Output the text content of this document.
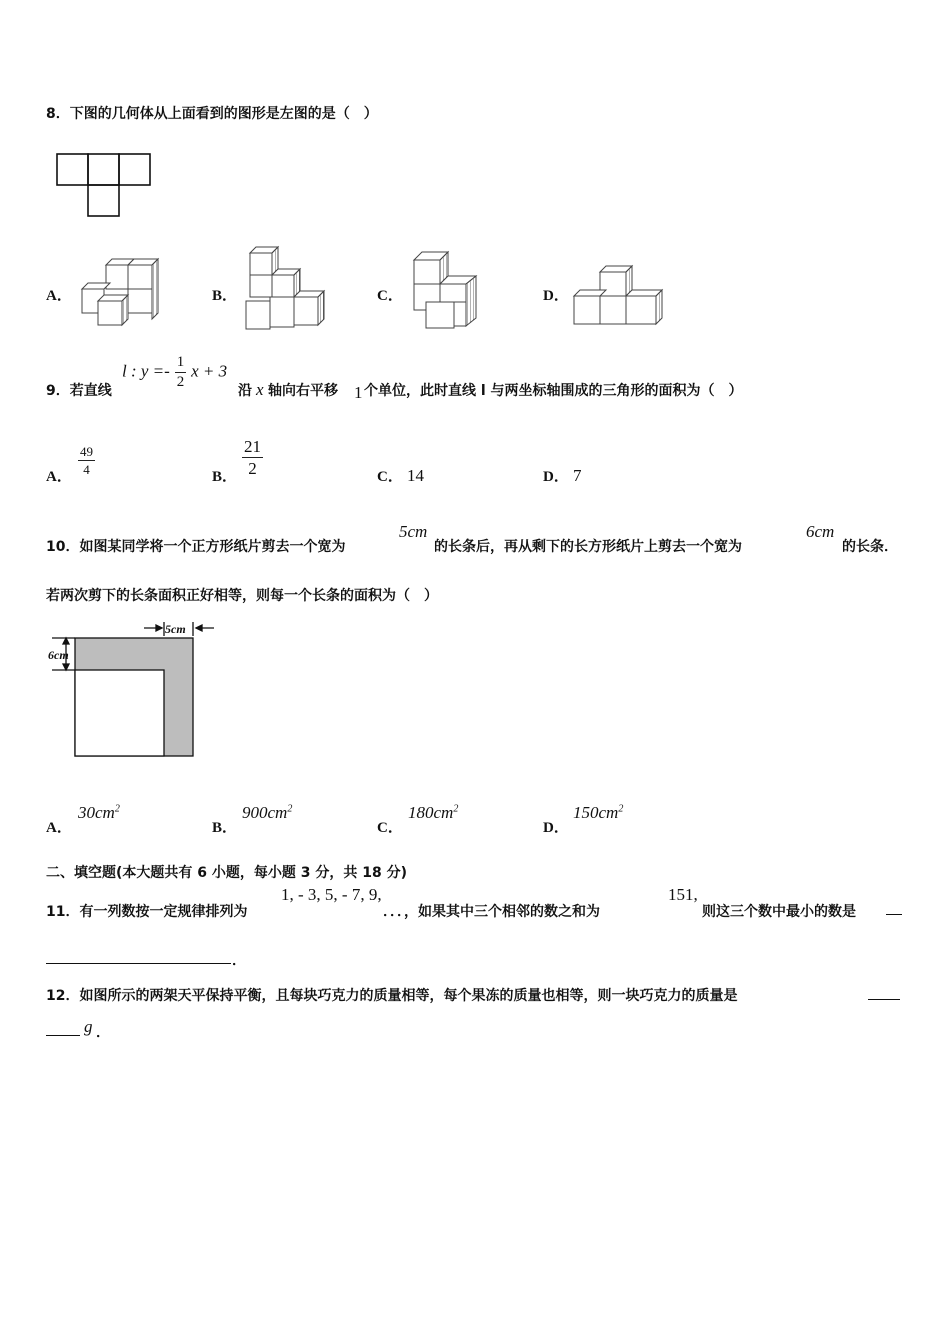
8．下图的几何体从上面看到的图形是左图的是（　）
A．	B．	C．	D．
9．若直线
l : $y =- \frac{1}{2}$ x + 3
沿 x 轴向右平移 1 个单位，此时直线 l 与两坐标轴围成的三角形的面积为（　）
A．
$\frac{49}{4}$
B． $\frac{21}{2}$	C． 14	D． 7
10．如图某同学将一个正方形纸片剪去一个宽为
5cm
的长条后，再从剩下的长方形纸片上剪去一个宽为
6cm
的长条．
若两次剪下的长条面积正好相等，则每一个长条的面积为（　）
5cm
6cm
A．
$30cm^2$
B．
$900cm^2$
C．
$180cm^2$
D．
$150cm^2$
二、填空题(本大题共有 6 小题，每小题 3 分，共 18 分)
11．有一列数按一定规律排列为
1, - 3, 5, - 7, 9,
．．．，如果其中三个相邻的数之和为
151,
则这三个数中最小的数是
．
12．如图所示的两架天平保持平衡，且每块巧克力的质量相等，每个果冻的质量也相等，则一块巧克力的质量是
g ．
